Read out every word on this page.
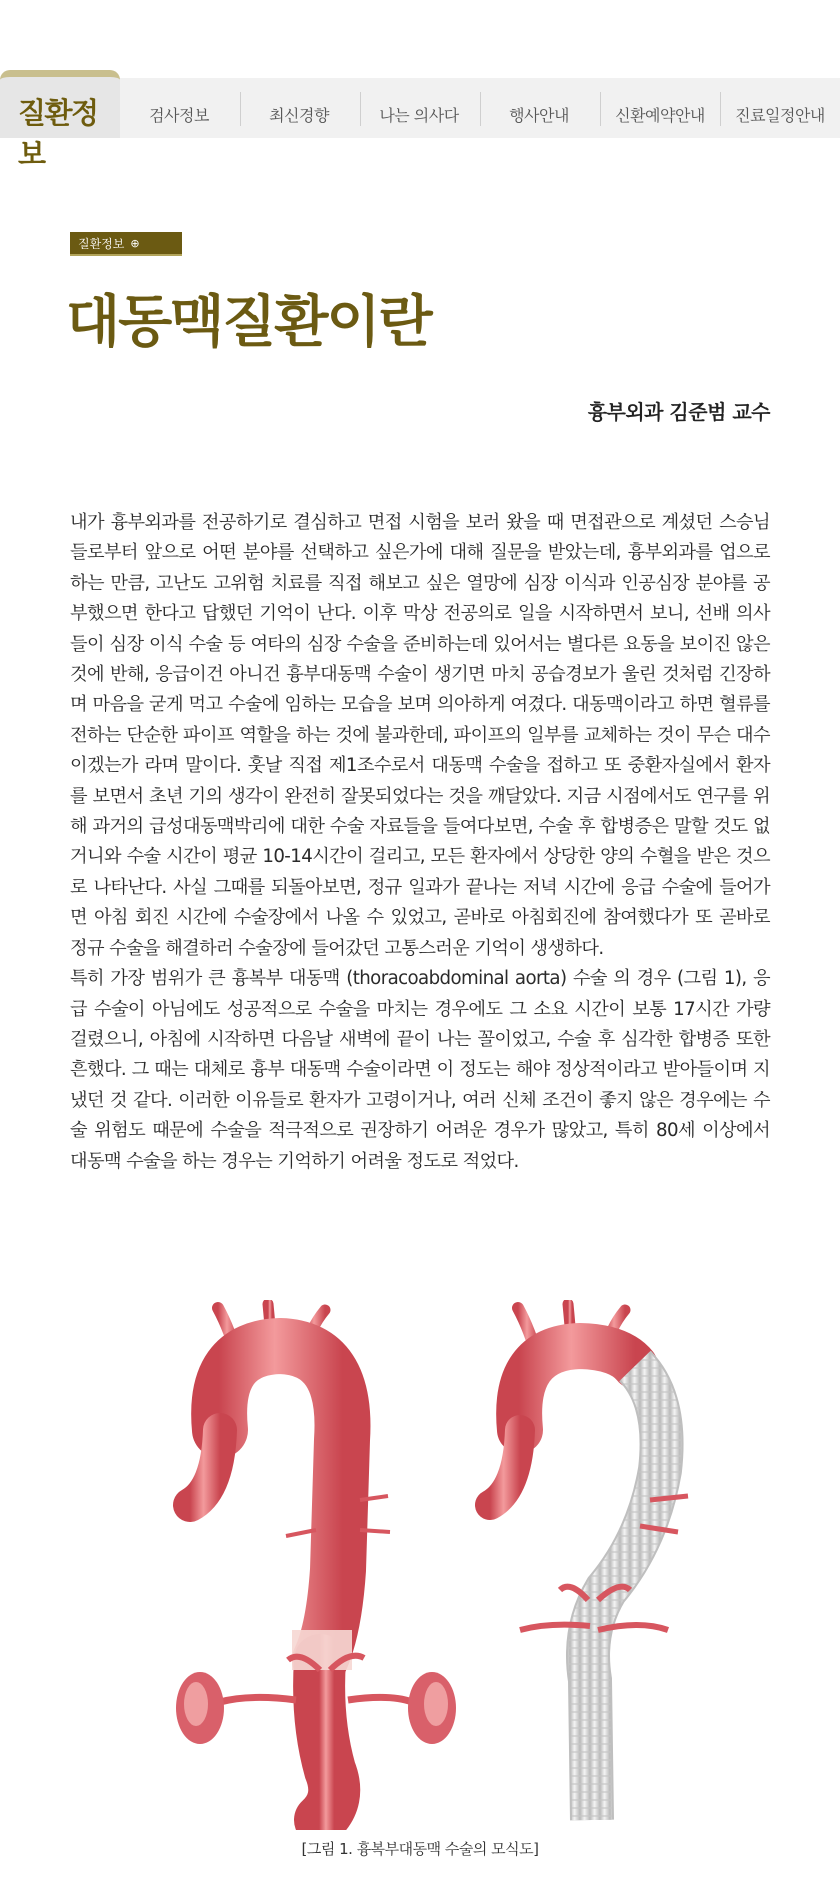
질환정보
검사정보	최신경향	나는 의사다	행사안내	신환예약안내	진료일정안내
질환정보 ⊕
대동맥질환이란
흉부외과 김준범 교수

내가 흉부외과를 전공하기로 결심하고 면접 시험을 보러 왔을 때 면접관으로 계셨던 스승님들로부터 앞으로 어떤 분야를 선택하고 싶은가에 대해 질문을 받았는데, 흉부외과를 업으로 하는 만큼, 고난도 고위험 치료를 직접 해보고 싶은 열망에 심장 이식과 인공심장 분야를 공부했으면 한다고 답했던 기억이 난다. 이후 막상 전공의로 일을 시작하면서 보니, 선배 의사들이 심장 이식 수술 등 여타의 심장 수술을 준비하는데 있어서는 별다른 요동을 보이진 않은 것에 반해, 응급이건 아니건 흉부대동맥 수술이 생기면 마치 공습경보가 울린 것처럼 긴장하며 마음을 굳게 먹고 수술에 임하는 모습을 보며 의아하게 여겼다. 대동맥이라고 하면 혈류를 전하는 단순한 파이프 역할을 하는 것에 불과한데, 파이프의 일부를 교체하는 것이 무슨 대수 이겠는가 라며 말이다. 훗날 직접 제1조수로서 대동맥 수술을 접하고 또 중환자실에서 환자를 보면서 초년 기의 생각이 완전히 잘못되었다는 것을 깨달았다. 지금 시점에서도 연구를 위해 과거의 급성대동맥박리에 대한 수술 자료들을 들여다보면, 수술 후 합병증은 말할 것도 없거니와 수술 시간이 평균 10-14시간이 걸리고, 모든 환자에서 상당한 양의 수혈을 받은 것으로 나타난다. 사실 그때를 되돌아보면, 정규 일과가 끝나는 저녁 시간에 응급 수술에 들어가면 아침 회진 시간에 수술장에서 나올 수 있었고, 곧바로 아침회진에 참여했다가 또 곧바로 정규 수술을 해결하러 수술장에 들어갔던 고통스러운 기억이 생생하다.

특히 가장 범위가 큰 흉복부 대동맥 (thoracoabdominal aorta) 수술 의 경우 (그림 1), 응급 수술이 아님에도 성공적으로 수술을 마치는 경우에도 그 소요 시간이 보통 17시간 가량 걸렸으니, 아침에 시작하면 다음날 새벽에 끝이 나는 꼴이었고, 수술 후 심각한 합병증 또한 흔했다. 그 때는 대체로 흉부 대동맥 수술이라면 이 정도는 해야 정상적이라고 받아들이며 지냈던 것 같다. 이러한 이유들로 환자가 고령이거나, 여러 신체 조건이 좋지 않은 경우에는 수술 위험도 때문에 수술을 적극적으로 권장하기 어려운 경우가 많았고, 특히 80세 이상에서 대동맥 수술을 하는 경우는 기억하기 어려울 정도로 적었다.

[그림 1. 흉복부대동맥 수술의 모식도]
